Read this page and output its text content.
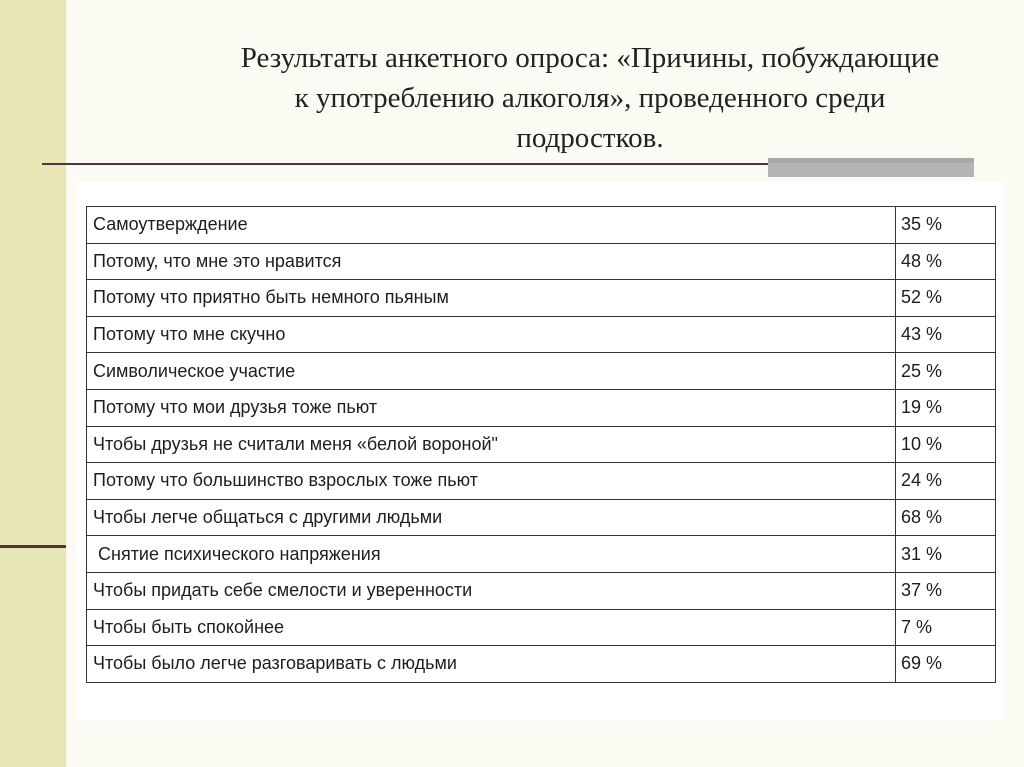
Результаты анкетного опроса: «Причины, побуждающие
к употреблению алкоголя», проведенного среди
подростков.
Самоутверждение	35 %
Потому, что мне это нравится	48 %
Потому что приятно быть немного пьяным	52 %
Потому что мне скучно	43 %
Символическое участие	25 %
Потому что мои друзья тоже пьют	19 %
Чтобы друзья не считали меня «белой вороной"	10 %
Потому что большинство взрослых тоже пьют	24 %
Чтобы легче общаться с другими людьми	68 %
Снятие психического напряжения	31 %
Чтобы придать себе смелости и уверенности	37 %
Чтобы быть спокойнее	7 %
Чтобы было легче разговаривать с людьми	69 %
